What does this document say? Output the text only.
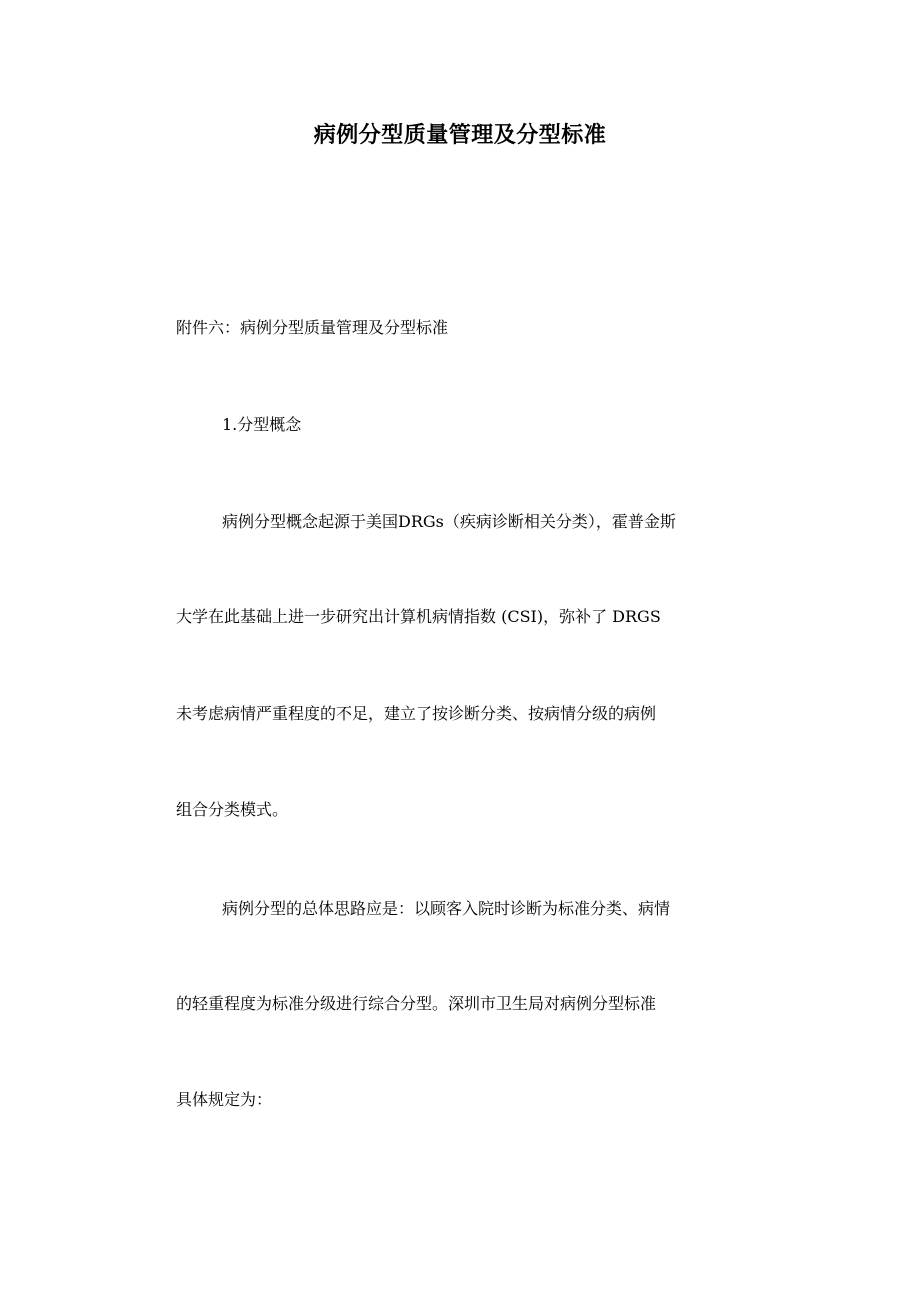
病例分型质量管理及分型标准

附件六：病例分型质量管理及分型标准

1.分型概念

病例分型概念起源于美国DRGs（疾病诊断相关分类），霍普金斯

大学在此基础上进一步研究出计算机病情指数 (CSI)，弥补了 DRGS

未考虑病情严重程度的不足，建立了按诊断分类、按病情分级的病例

组合分类模式。

病例分型的总体思路应是：以顾客入院时诊断为标准分类、病情

的轻重程度为标准分级进行综合分型。深圳市卫生局对病例分型标准

具体规定为：
